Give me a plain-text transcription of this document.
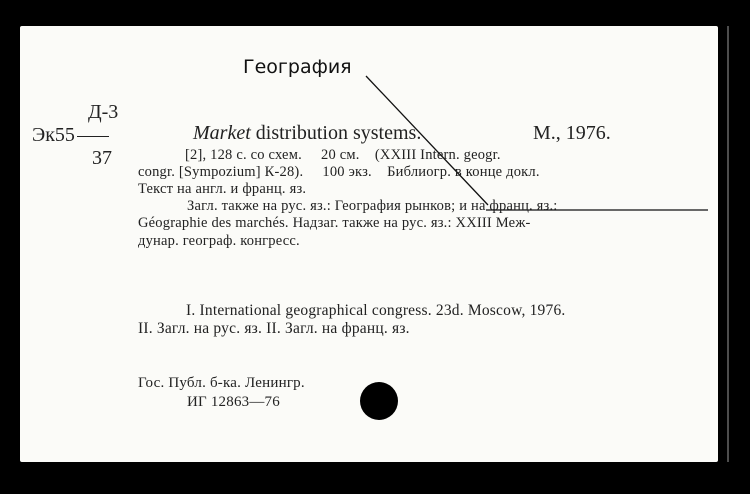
География
Д-3
Эк55
37
Market distribution systems.	М., 1976.
[2], 128 с. со схем.     20 см.    (XXIII Intern. geogr.
congr. [Sympozium] К-28).     100 экз.    Библиогр. в конце докл.
Текст на англ. и франц. яз.
Загл. также на рус. яз.: География рынков; и на франц. яз.:
Géographie des marchés. Надзаг. также на рус. яз.: XXIII Меж-
дунар. географ. конгресс.
I. International geographical congress. 23d. Moscow, 1976.
II. Загл. на рус. яз. II. Загл. на франц. яз.
Гос. Публ. б-ка. Ленингр.
ИГ 12863—76
